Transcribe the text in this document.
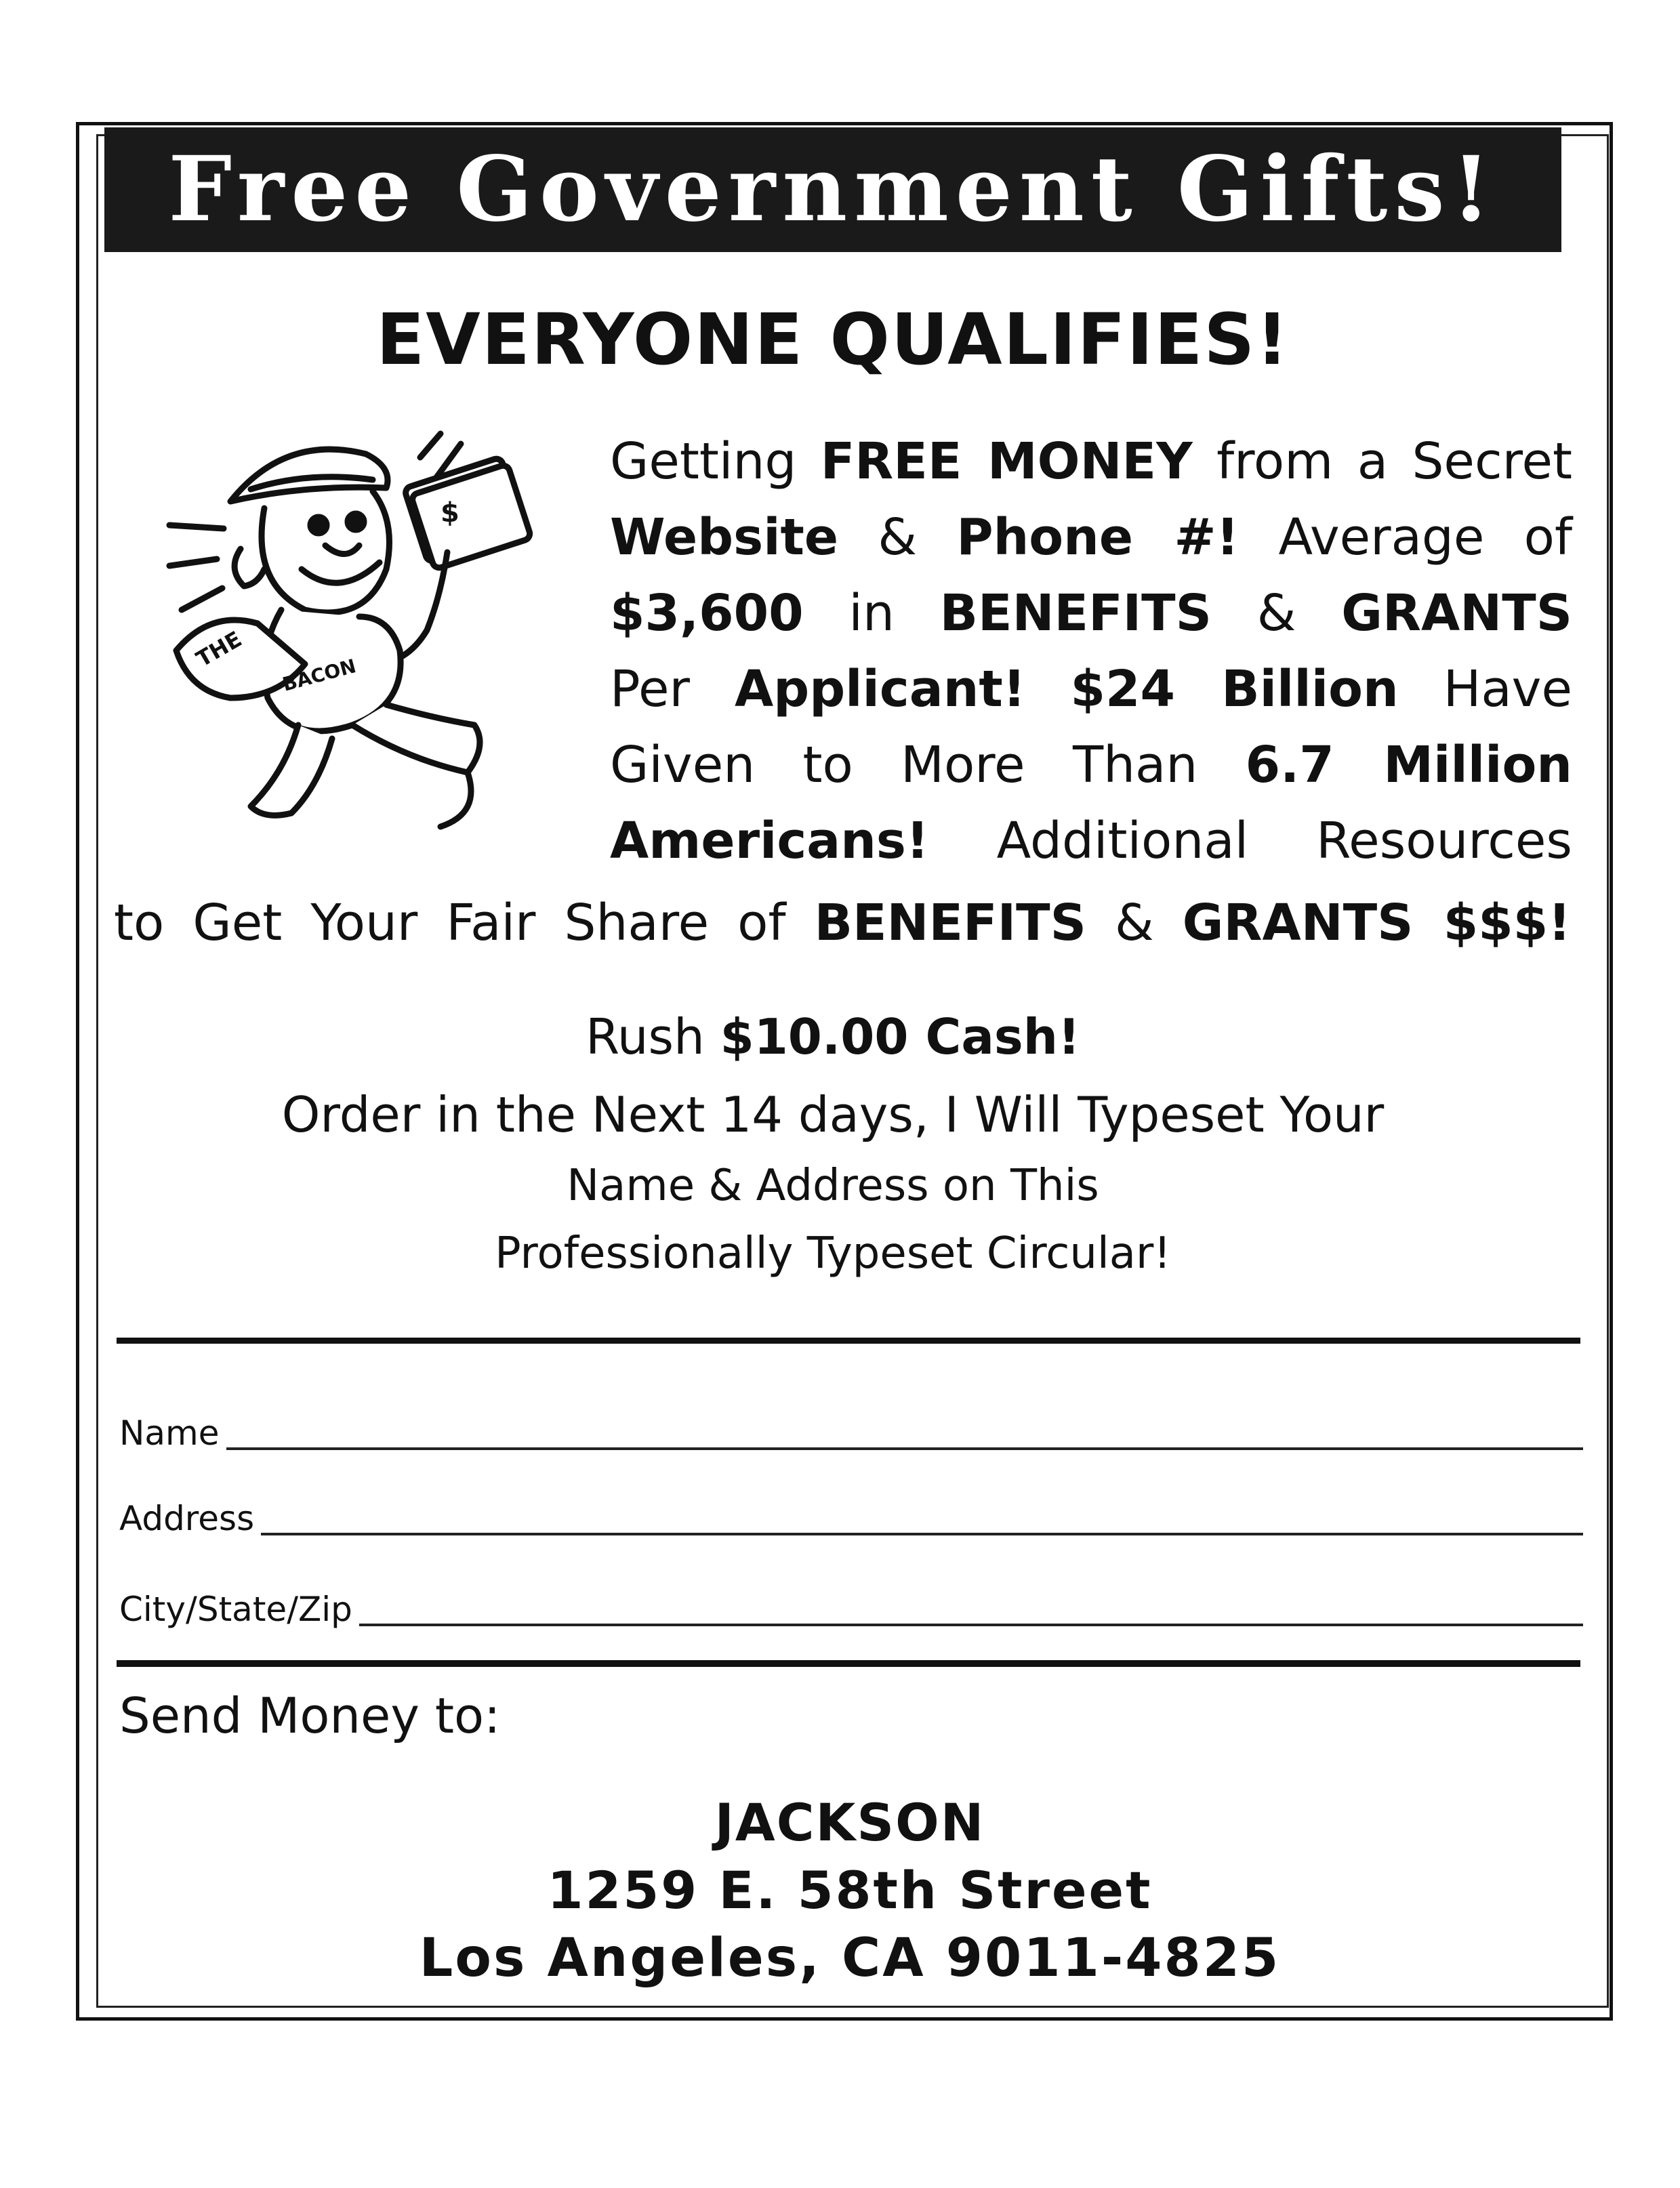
Free Government Gifts!
EVERYONE QUALIFIES!
THE
BACON
$
Getting FREE MONEY from a Secret
Website & Phone #! Average of
$3,600 in BENEFITS & GRANTS
Per Applicant! $24 Billion Have
Given to More Than 6.7 Million
Americans! Additional Resources
to Get Your Fair Share of BENEFITS & GRANTS $$$!
Rush $10.00 Cash!
Order in the Next 14 days, I Will Typeset Your
Name & Address on This
Professionally Typeset Circular!
Name
Address
City/State/Zip
Send Money to:
JACKSON
1259 E. 58th Street
Los Angeles, CA 9011-4825
